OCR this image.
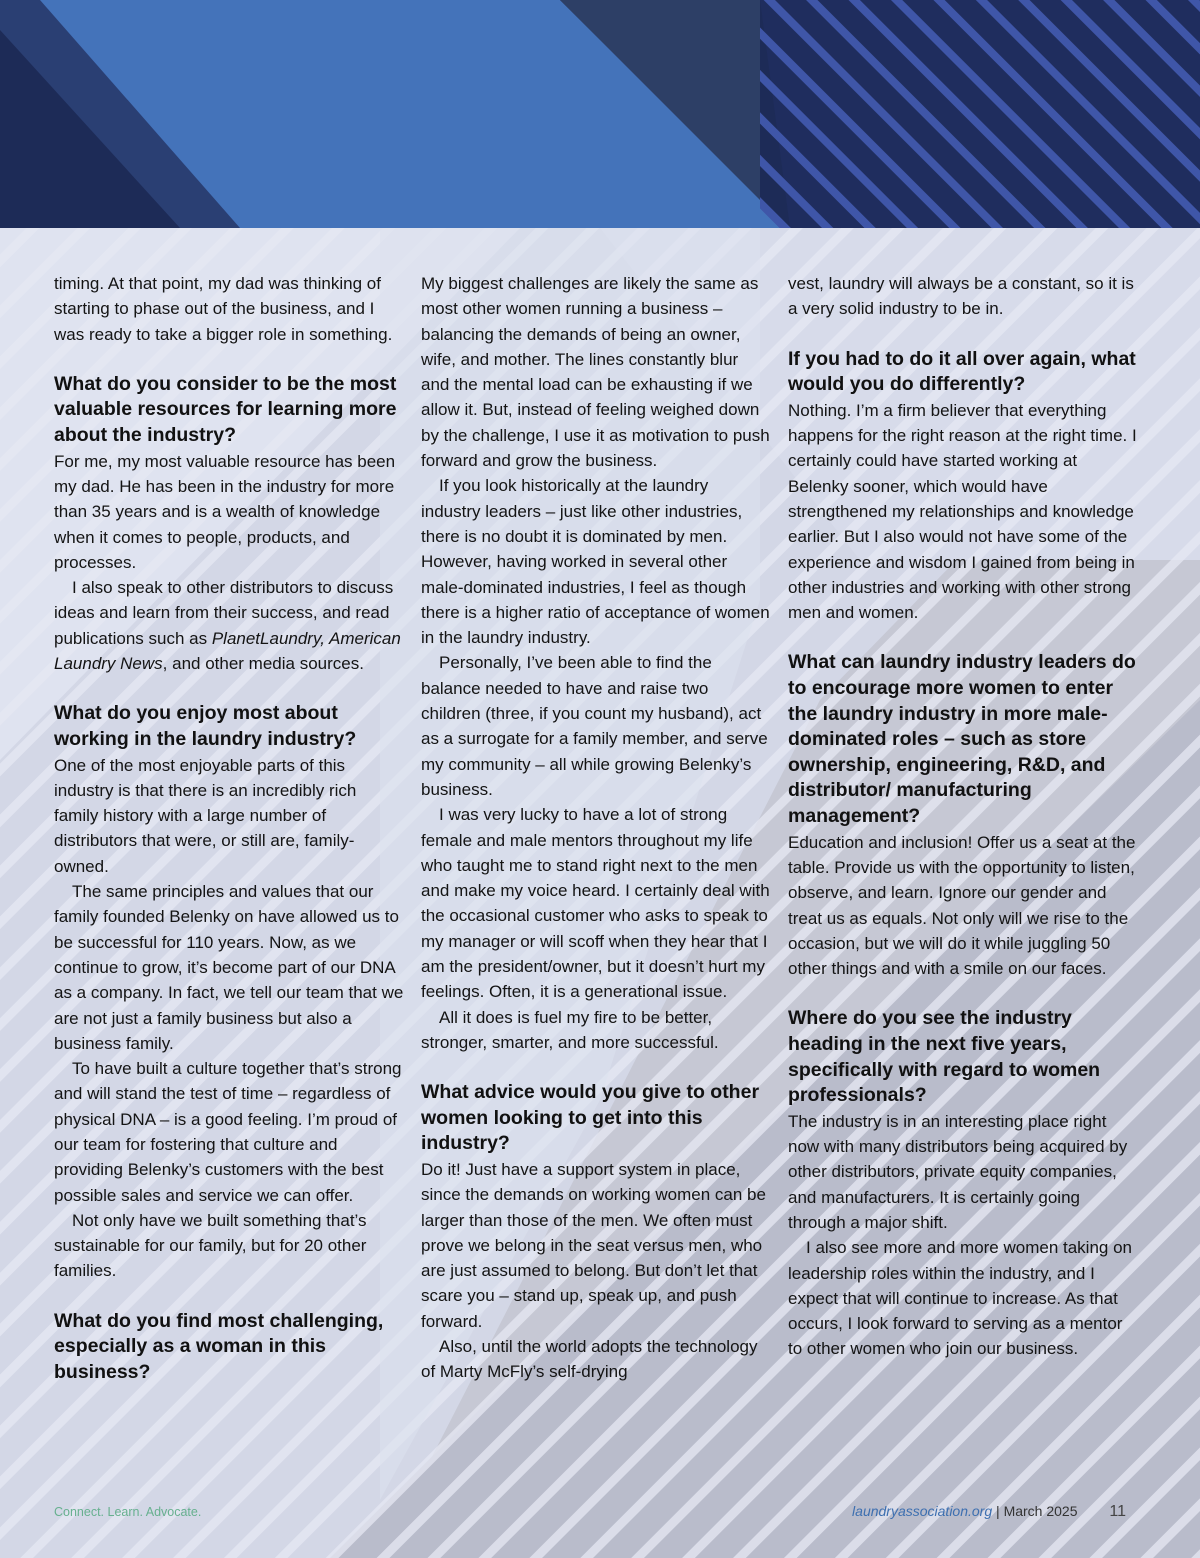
timing. At that point, my dad was thinking of starting to phase out of the business, and I was ready to take a bigger role in something.

What do you consider to be the most valuable resources for learning more about the industry?

For me, my most valuable resource has been my dad. He has been in the industry for more than 35 years and is a wealth of knowledge when it comes to people, products, and processes.

I also speak to other distributors to discuss ideas and learn from their success, and read publications such as PlanetLaundry, American Laundry News, and other media sources.

What do you enjoy most about working in the laundry industry?

One of the most enjoyable parts of this industry is that there is an incredibly rich family history with a large number of distributors that were, or still are, family-owned.

The same principles and values that our family founded Belenky on have allowed us to be successful for 110 years. Now, as we continue to grow, it’s become part of our DNA as a company. In fact, we tell our team that we are not just a family business but also a business family.

To have built a culture together that’s strong and will stand the test of time – regardless of physical DNA – is a good feeling. I’m proud of our team for fostering that culture and providing Belenky’s customers with the best possible sales and service we can offer.

Not only have we built something that’s sustainable for our family, but for 20 other families.

What do you find most challenging, especially as a woman in this business?

My biggest challenges are likely the same as most other women running a business – balancing the demands of being an owner, wife, and mother. The lines constantly blur and the mental load can be exhausting if we allow it. But, instead of feeling weighed down by the challenge, I use it as motivation to push forward and grow the business.

If you look historically at the laundry industry leaders – just like other industries, there is no doubt it is dominated by men. However, having worked in several other male-dominated industries, I feel as though there is a higher ratio of acceptance of women in the laundry industry.

Personally, I’ve been able to find the balance needed to have and raise two children (three, if you count my husband), act as a surrogate for a family member, and serve my community – all while growing Belenky’s business.

I was very lucky to have a lot of strong female and male mentors throughout my life who taught me to stand right next to the men and make my voice heard. I certainly deal with the occasional customer who asks to speak to my manager or will scoff when they hear that I am the president/owner, but it doesn’t hurt my feelings. Often, it is a generational issue.

All it does is fuel my fire to be better, stronger, smarter, and more successful.

What advice would you give to other women looking to get into this industry?

Do it! Just have a support system in place, since the demands on working women can be larger than those of the men. We often must prove we belong in the seat versus men, who are just assumed to belong. But don’t let that scare you – stand up, speak up, and push forward.

Also, until the world adopts the technology of Marty McFly’s self-drying

vest, laundry will always be a constant, so it is a very solid industry to be in.

If you had to do it all over again, what would you do differently?

Nothing. I’m a firm believer that everything happens for the right reason at the right time. I certainly could have started working at Belenky sooner, which would have strengthened my relationships and knowledge earlier. But I also would not have some of the experience and wisdom I gained from being in other industries and working with other strong men and women.

What can laundry industry leaders do to encourage more women to enter the laundry industry in more male-dominated roles – such as store ownership, engineering, R&D, and distributor/ manufacturing management?

Education and inclusion! Offer us a seat at the table. Provide us with the opportunity to listen, observe, and learn. Ignore our gender and treat us as equals. Not only will we rise to the occasion, but we will do it while juggling 50 other things and with a smile on our faces.

Where do you see the industry heading in the next five years, specifically with regard to women professionals?

The industry is in an interesting place right now with many distributors being acquired by other distributors, private equity companies, and manufacturers. It is certainly going through a major shift.

I also see more and more women taking on leadership roles within the industry, and I expect that will continue to increase. As that occurs, I look forward to serving as a mentor to other women who join our business.

Connect. Learn. Advocate.	laundryassociation.org | March 2025 11
